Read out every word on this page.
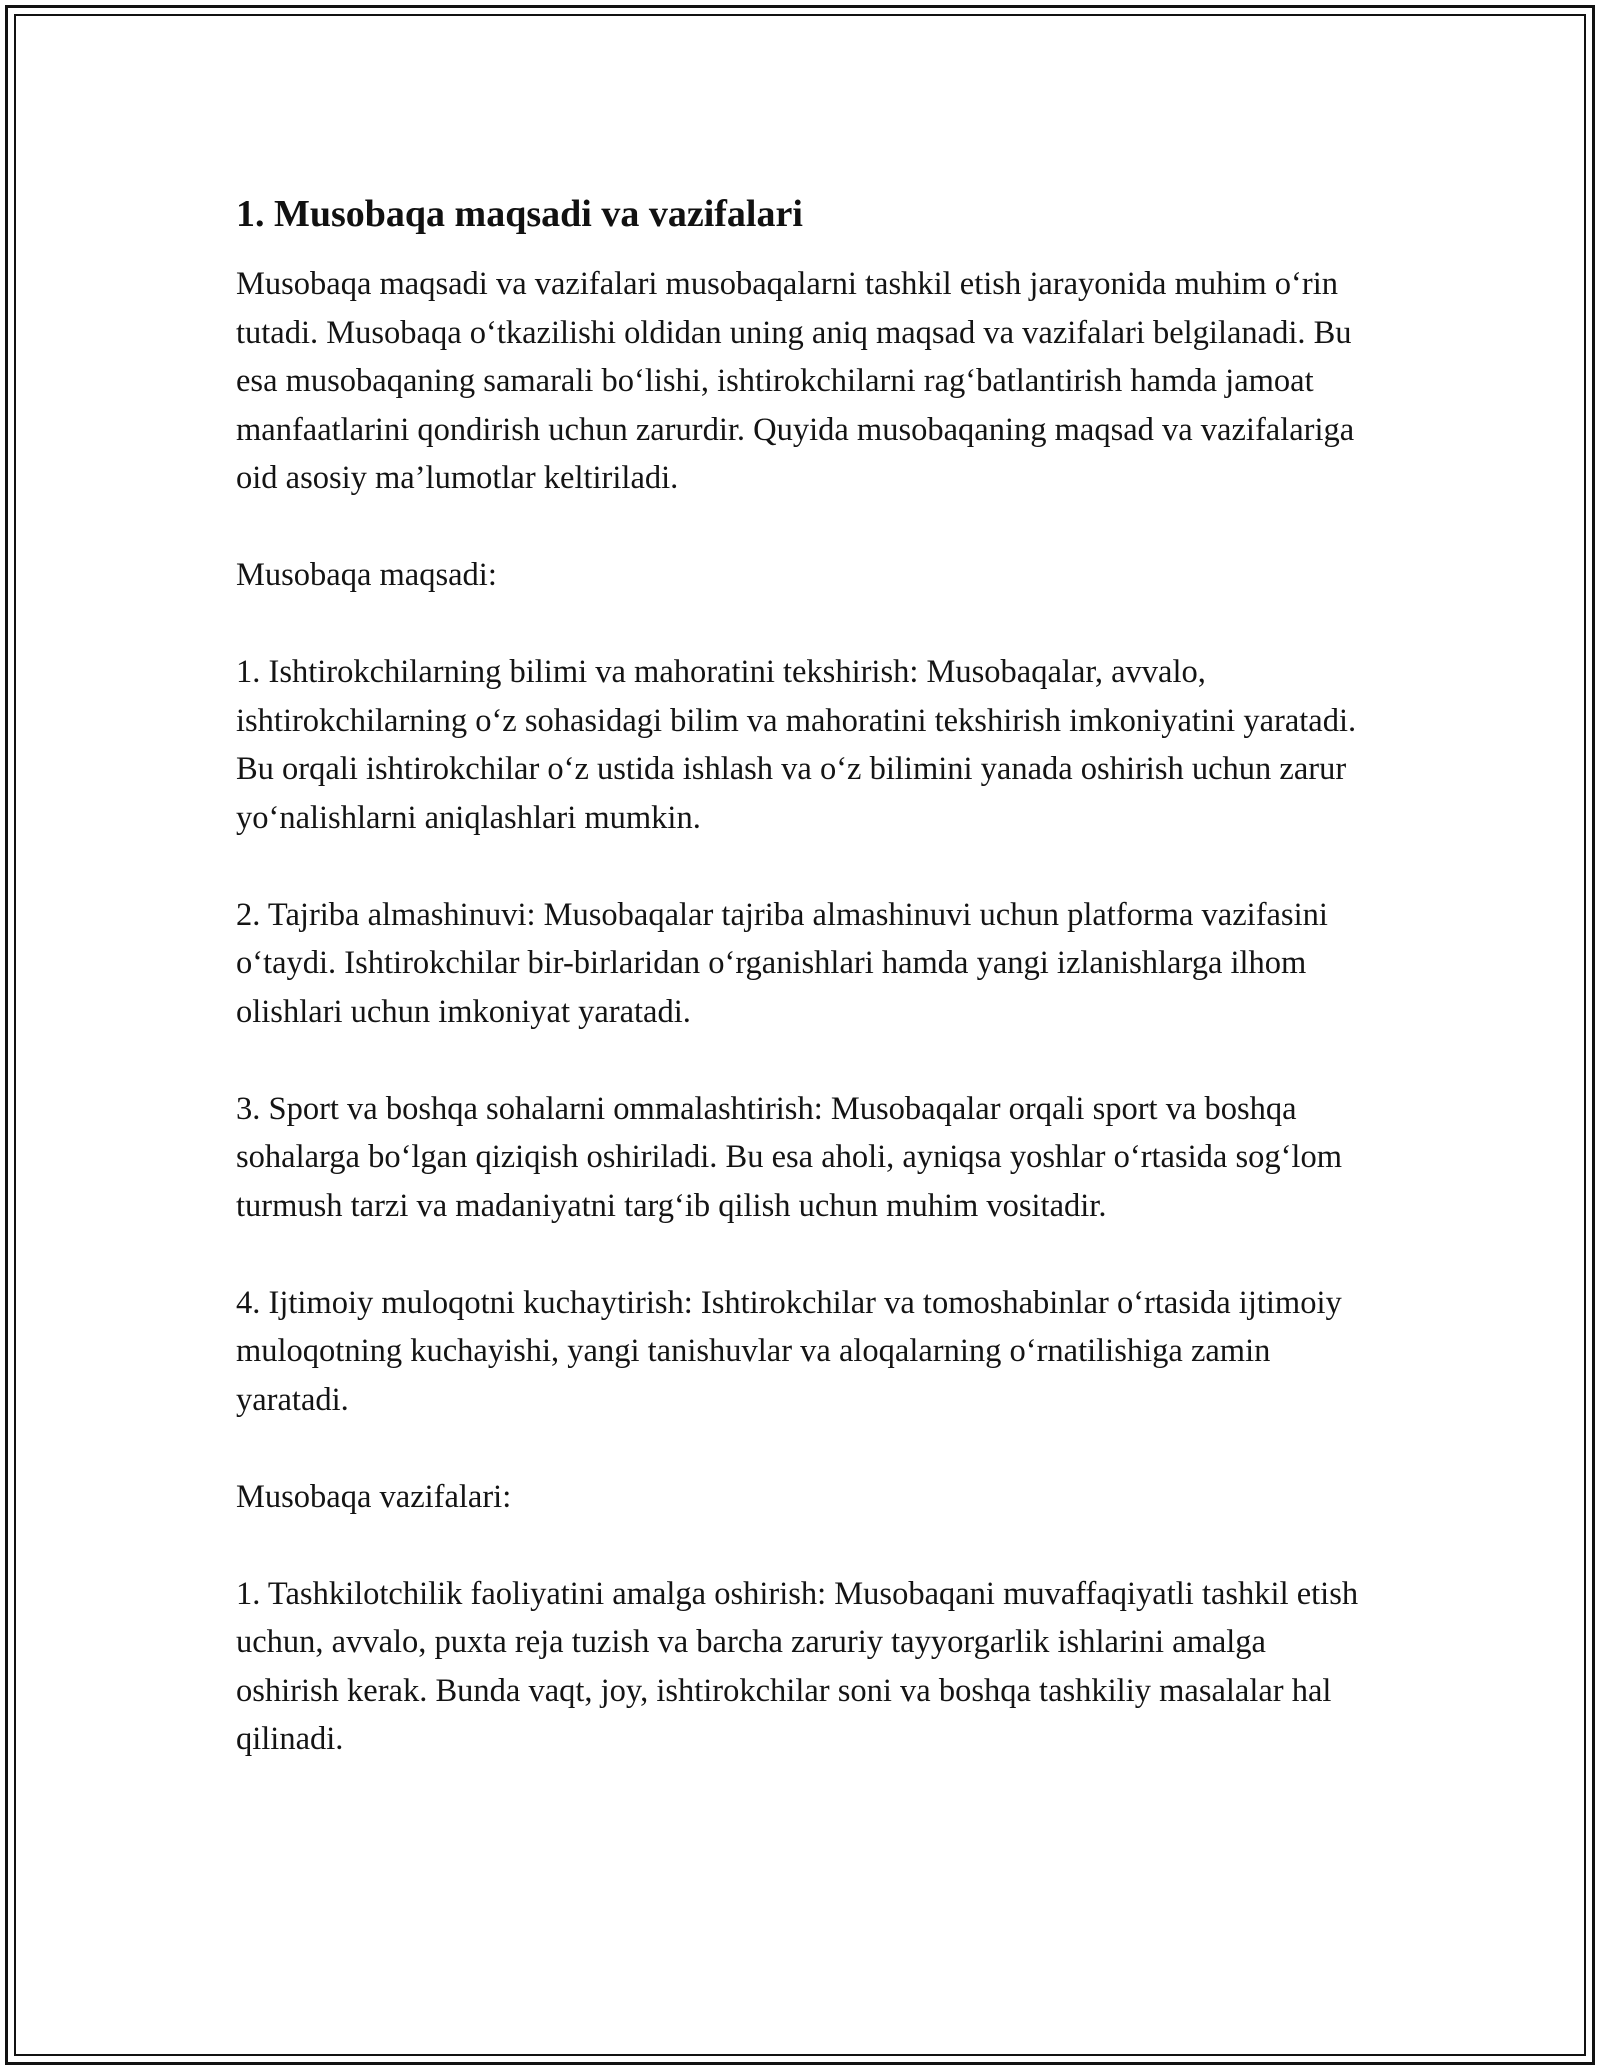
1. Musobaqa maqsadi va vazifalari

Musobaqa maqsadi va vazifalari musobaqalarni tashkil etish jarayonida muhim o‘rin tutadi. Musobaqa o‘tkazilishi oldidan uning aniq maqsad va vazifalari belgilanadi. Bu esa musobaqaning samarali bo‘lishi, ishtirokchilarni rag‘batlantirish hamda jamoat manfaatlarini qondirish uchun zarurdir. Quyida musobaqaning maqsad va vazifalariga oid asosiy ma’lumotlar keltiriladi.

Musobaqa maqsadi:

1. Ishtirokchilarning bilimi va mahoratini tekshirish: Musobaqalar, avvalo, ishtirokchilarning o‘z sohasidagi bilim va mahoratini tekshirish imkoniyatini yaratadi. Bu orqali ishtirokchilar o‘z ustida ishlash va o‘z bilimini yanada oshirish uchun zarur yo‘nalishlarni aniqlashlari mumkin.

2. Tajriba almashinuvi: Musobaqalar tajriba almashinuvi uchun platforma vazifasini o‘taydi. Ishtirokchilar bir-birlaridan o‘rganishlari hamda yangi izlanishlarga ilhom olishlari uchun imkoniyat yaratadi.

3. Sport va boshqa sohalarni ommalashtirish: Musobaqalar orqali sport va boshqa sohalarga bo‘lgan qiziqish oshiriladi. Bu esa aholi, ayniqsa yoshlar o‘rtasida sog‘lom turmush tarzi va madaniyatni targ‘ib qilish uchun muhim vositadir.

4. Ijtimoiy muloqotni kuchaytirish: Ishtirokchilar va tomoshabinlar o‘rtasida ijtimoiy muloqotning kuchayishi, yangi tanishuvlar va aloqalarning o‘rnatilishiga zamin yaratadi.

Musobaqa vazifalari:

1. Tashkilotchilik faoliyatini amalga oshirish: Musobaqani muvaffaqiyatli tashkil etish uchun, avvalo, puxta reja tuzish va barcha zaruriy tayyorgarlik ishlarini amalga oshirish kerak. Bunda vaqt, joy, ishtirokchilar soni va boshqa tashkiliy masalalar hal qilinadi.
